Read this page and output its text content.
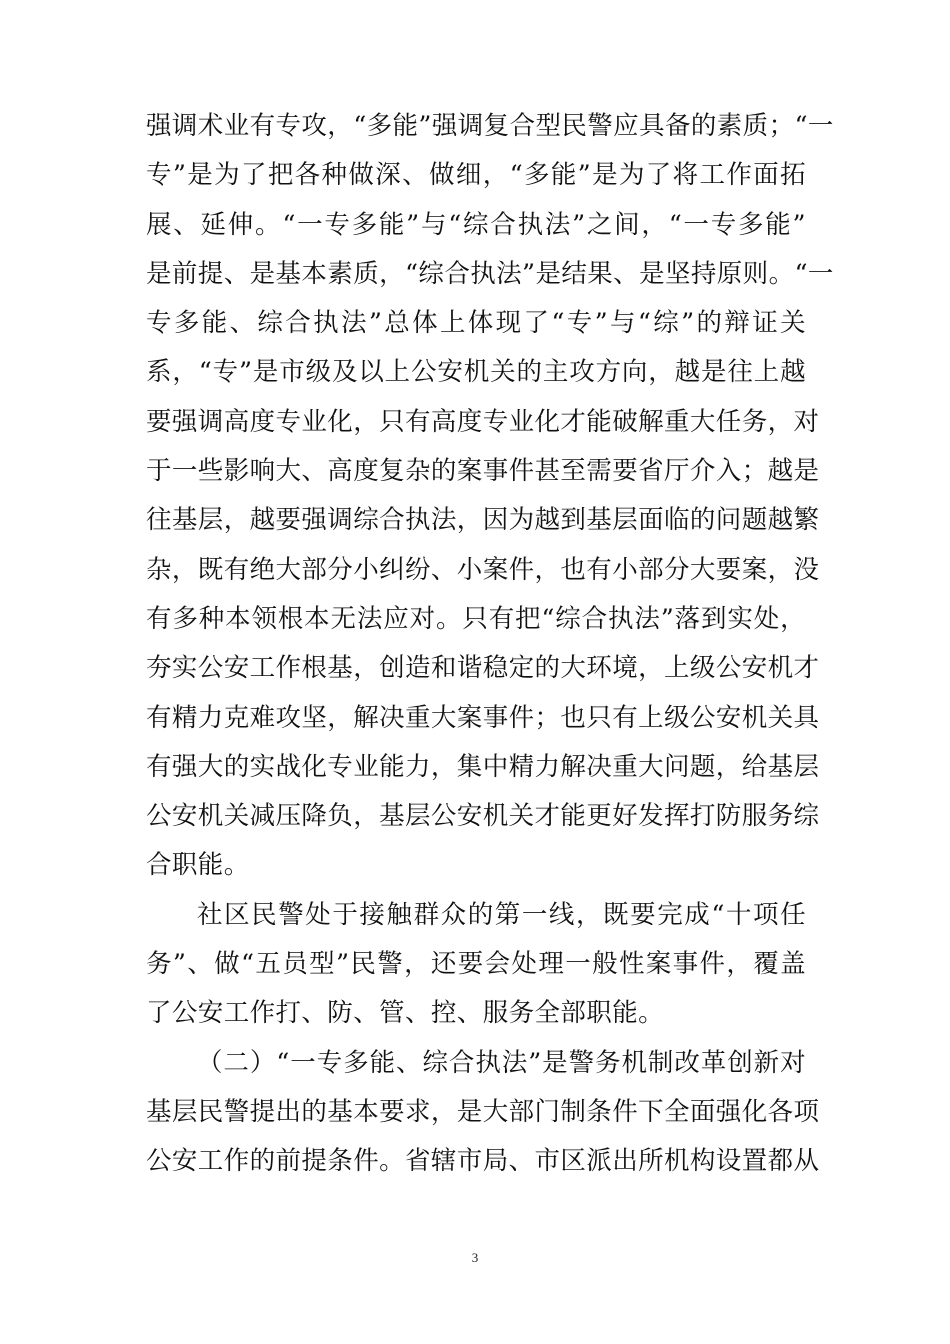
强调术业有专攻，“多能”强调复合型民警应具备的素质；“一
专”是为了把各种做深、做细，“多能”是为了将工作面拓
展、延伸。“一专多能”与“综合执法”之间，“一专多能”
是前提、是基本素质，“综合执法”是结果、是坚持原则。“一
专多能、综合执法”总体上体现了“专”与“综”的辩证关
系，“专”是市级及以上公安机关的主攻方向，越是往上越
要强调高度专业化，只有高度专业化才能破解重大任务，对
于一些影响大、高度复杂的案事件甚至需要省厅介入；越是
往基层，越要强调综合执法，因为越到基层面临的问题越繁
杂，既有绝大部分小纠纷、小案件，也有小部分大要案，没
有多种本领根本无法应对。只有把“综合执法”落到实处，
夯实公安工作根基，创造和谐稳定的大环境，上级公安机才
有精力克难攻坚，解决重大案事件；也只有上级公安机关具
有强大的实战化专业能力，集中精力解决重大问题，给基层
公安机关减压降负，基层公安机关才能更好发挥打防服务综
合职能。
社区民警处于接触群众的第一线，既要完成“十项任
务”、做“五员型”民警，还要会处理一般性案事件，覆盖
了公安工作打、防、管、控、服务全部职能。
（二）“一专多能、综合执法”是警务机制改革创新对
基层民警提出的基本要求，是大部门制条件下全面强化各项
公安工作的前提条件。省辖市局、市区派出所机构设置都从
3
